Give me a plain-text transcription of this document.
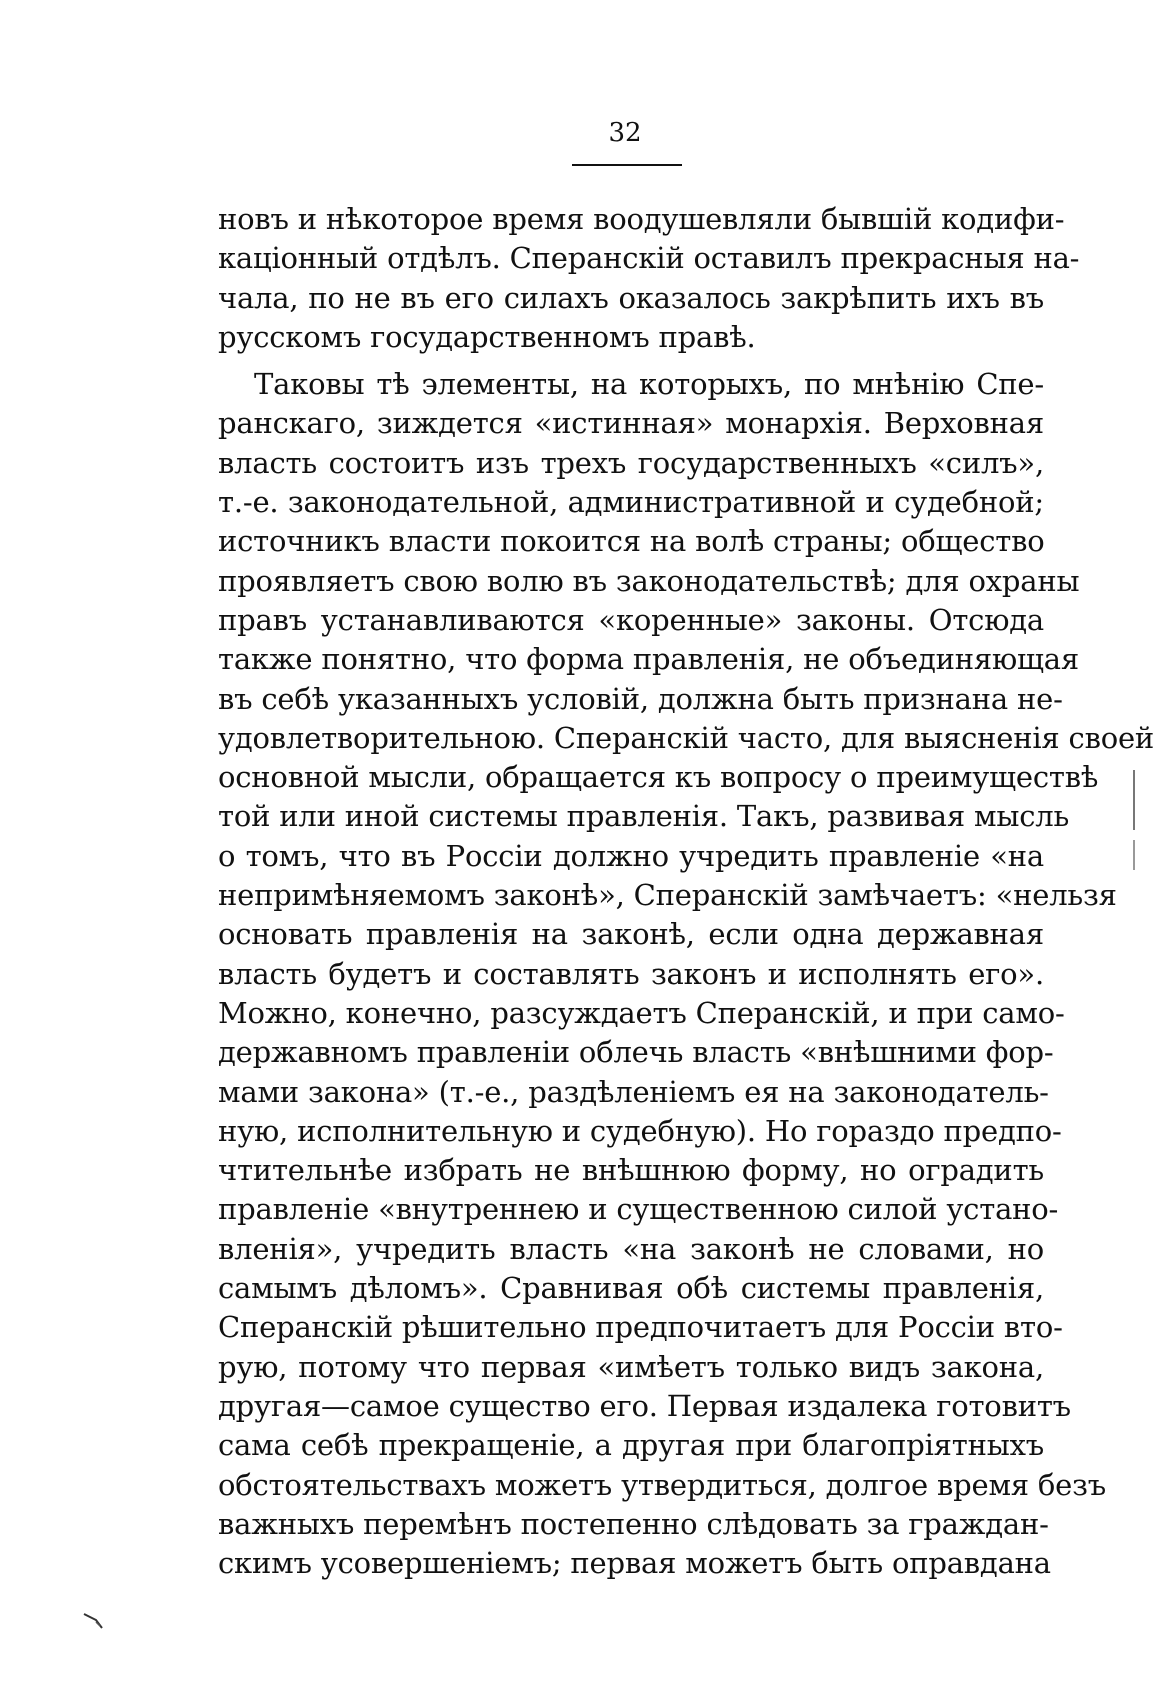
32
новъ и нѣкоторое время воодушевляли бывшій кодифи-
каціонный отдѣлъ. Сперанскій оставилъ прекрасныя на-
чала, по не въ его силахъ оказалось закрѣпить ихъ въ
русскомъ государственномъ правѣ.
Таковы тѣ элементы, на которыхъ, по мнѣнію Спе-
ранскаго, зиждется «истинная» монархія. Верховная
власть состоитъ изъ трехъ государственныхъ «силъ»,
т.-е. законодательной, административной и судебной;
источникъ власти покоится на волѣ страны; общество
проявляетъ свою волю въ законодательствѣ; для охраны
правъ устанавливаются «коренные» законы. Отсюда
также понятно, что форма правленія, не объединяющая
въ себѣ указанныхъ условій, должна быть признана не-
удовлетворительною. Сперанскій часто, для выясненія своей
основной мысли, обращается къ вопросу о преимуществѣ
той или иной системы правленія. Такъ, развивая мысль
о томъ, что въ Россіи должно учредить правленіе «на
непримѣняемомъ законѣ», Сперанскій замѣчаетъ: «нельзя
основать правленія на законѣ, если одна державная
власть будетъ и составлять законъ и исполнять его».
Можно, конечно, разсуждаетъ Сперанскій, и при само-
державномъ правленіи облечь власть «внѣшними фор-
мами закона» (т.-е., раздѣленіемъ ея на законодатель-
ную, исполнительную и судебную). Но гораздо предпо-
чтительнѣе избрать не внѣшнюю форму, но оградить
правленіе «внутреннею и существенною силой устано-
вленія», учредить власть «на законѣ не словами, но
самымъ дѣломъ». Сравнивая обѣ системы правленія,
Сперанскій рѣшительно предпочитаетъ для Россіи вто-
рую, потому что первая «имѣетъ только видъ закона,
другая—самое существо его. Первая издалека готовитъ
сама себѣ прекращеніе, а другая при благопріятныхъ
обстоятельствахъ можетъ утвердиться, долгое время безъ
важныхъ перемѣнъ постепенно слѣдовать за граждан-
скимъ усовершеніемъ; первая можетъ быть оправдана
